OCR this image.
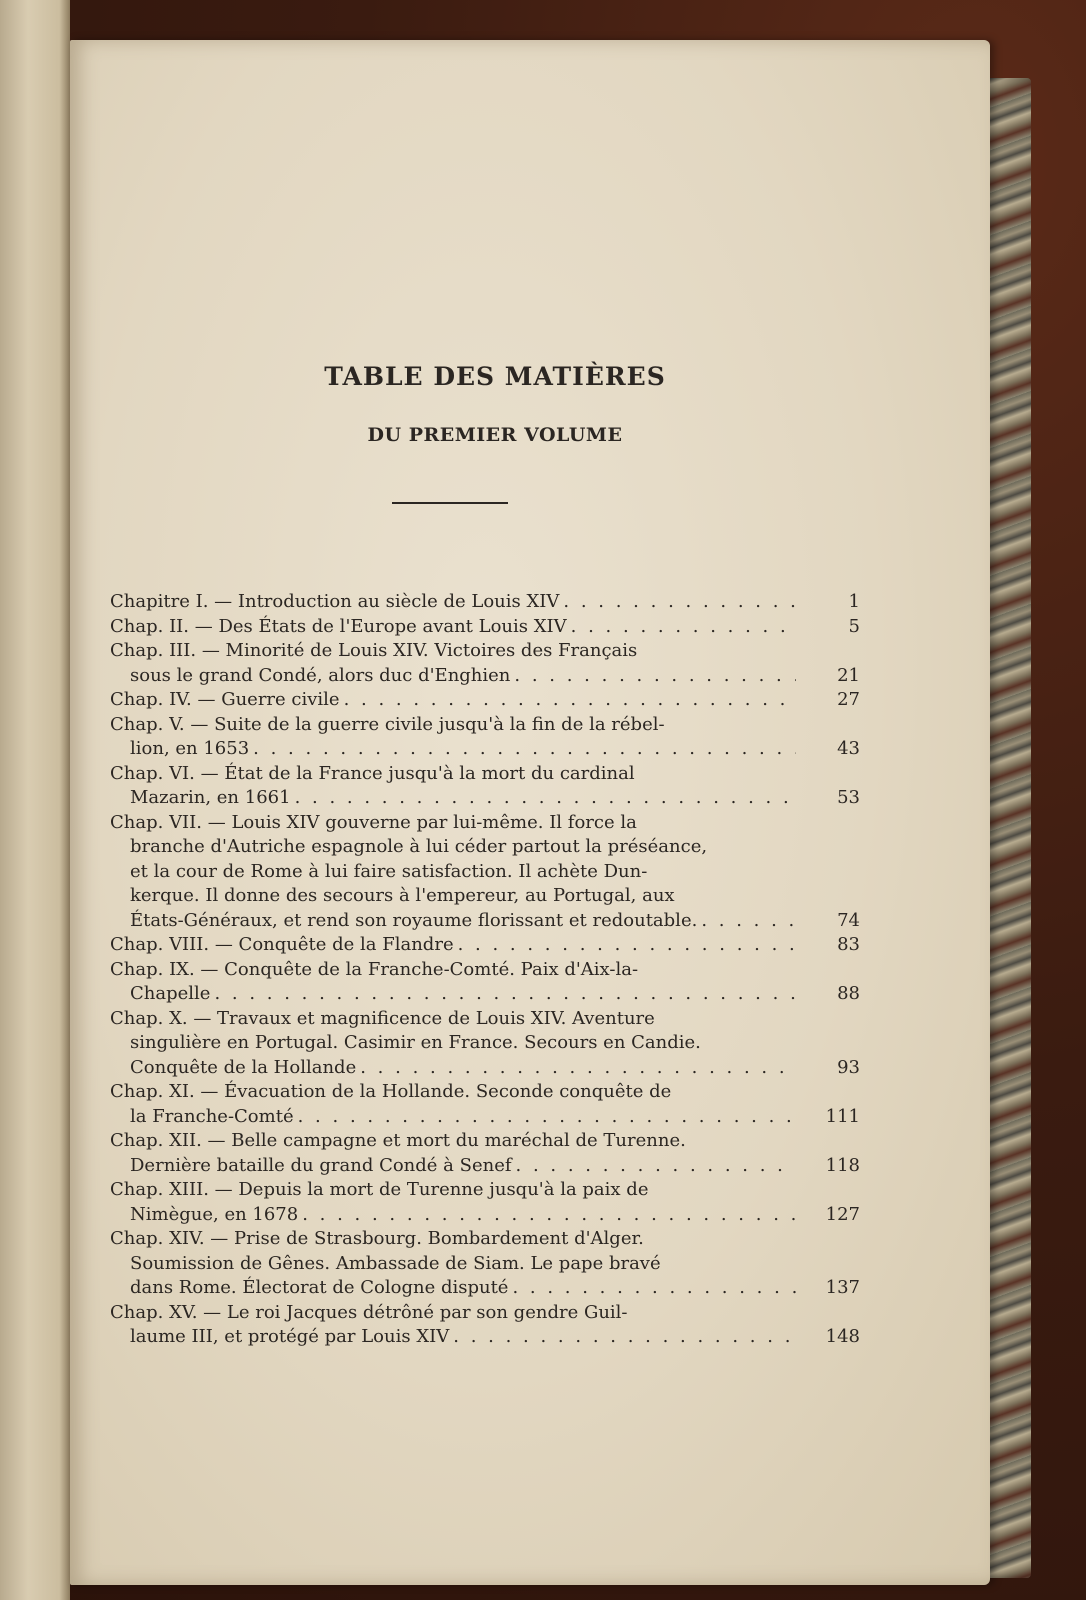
TABLE DES MATIÈRES
DU PREMIER VOLUME
Chapitre I. — Introduction au siècle de Louis XIV . . .	1
Chap. II. — Des États de l'Europe avant Louis XIV . . .	5
Chap. III. — Minorité de Louis XIV. Victoires des Français
sous le grand Condé, alors duc d'Enghien . . .	21
Chap. IV. — Guerre civile . . .	27
Chap. V. — Suite de la guerre civile jusqu'à la fin de la rébel-
lion, en 1653 . . .	43
Chap. VI. — État de la France jusqu'à la mort du cardinal
Mazarin, en 1661 . . .	53
Chap. VII. — Louis XIV gouverne par lui-même. Il force la
branche d'Autriche espagnole à lui céder partout la préséance,
et la cour de Rome à lui faire satisfaction. Il achète Dun-
kerque. Il donne des secours à l'empereur, au Portugal, aux
États-Généraux, et rend son royaume florissant et redoutable. . . .	74
Chap. VIII. — Conquête de la Flandre . . .	83
Chap. IX. — Conquête de la Franche-Comté. Paix d'Aix-la-
Chapelle . . .	88
Chap. X. — Travaux et magnificence de Louis XIV. Aventure
singulière en Portugal. Casimir en France. Secours en Candie.
Conquête de la Hollande . . .	93
Chap. XI. — Évacuation de la Hollande. Seconde conquête de
la Franche-Comté . . .	111
Chap. XII. — Belle campagne et mort du maréchal de Turenne.
Dernière bataille du grand Condé à Senef . . .	118
Chap. XIII. — Depuis la mort de Turenne jusqu'à la paix de
Nimègue, en 1678 . . .	127
Chap. XIV. — Prise de Strasbourg. Bombardement d'Alger.
Soumission de Gênes. Ambassade de Siam. Le pape bravé
dans Rome. Électorat de Cologne disputé . . .	137
Chap. XV. — Le roi Jacques détrôné par son gendre Guil-
laume III, et protégé par Louis XIV . . .	148
